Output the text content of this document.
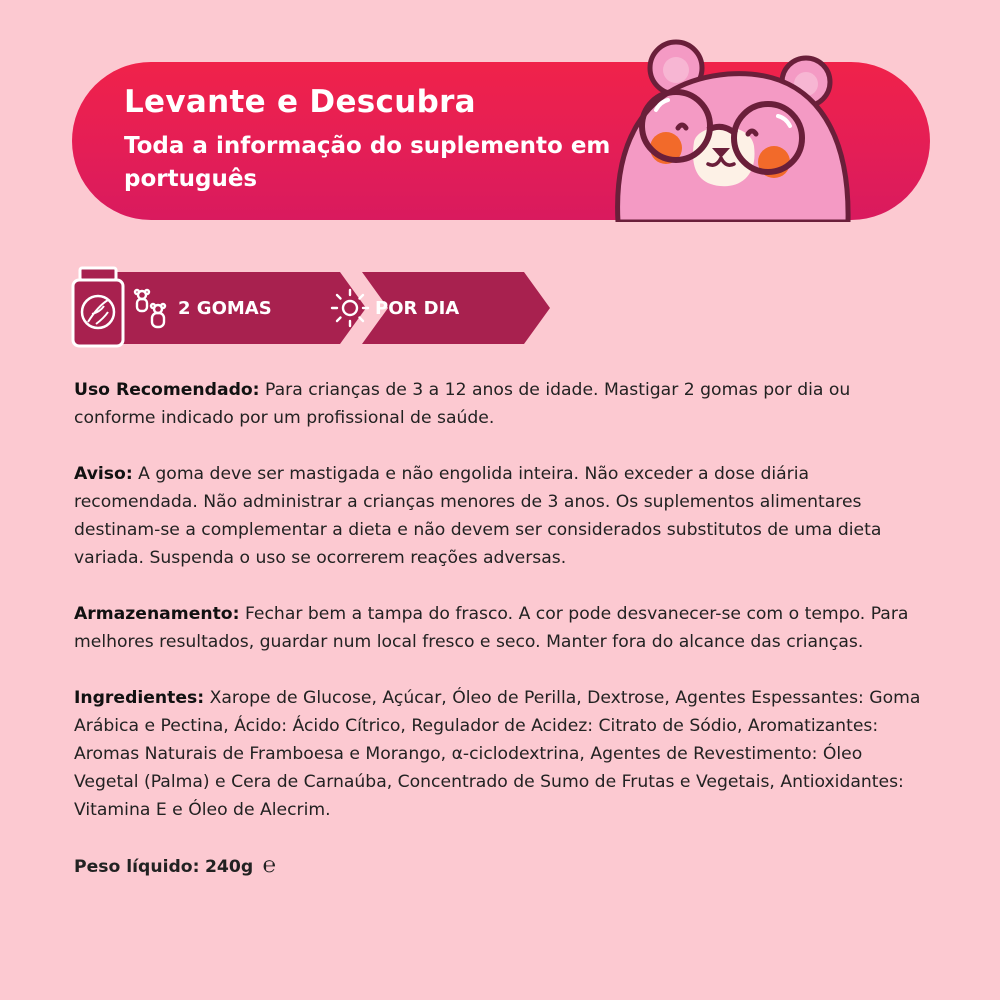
Levante e Descubra
Toda a informação do suplemento em português
2 GOMAS	POR DIA

Uso Recomendado: Para crianças de 3 a 12 anos de idade. Mastigar 2 gomas por dia ou conforme indicado por um profissional de saúde.

Aviso: A goma deve ser mastigada e não engolida inteira. Não exceder a dose diária recomendada. Não administrar a crianças menores de 3 anos. Os suplementos alimentares destinam-se a complementar a dieta e não devem ser considerados substitutos de uma dieta variada. Suspenda o uso se ocorrerem reações adversas.

Armazenamento: Fechar bem a tampa do frasco. A cor pode desvanecer-se com o tempo. Para melhores resultados, guardar num local fresco e seco. Manter fora do alcance das crianças.

Ingredientes: Xarope de Glucose, Açúcar, Óleo de Perilla, Dextrose, Agentes Espessantes: Goma Arábica e Pectina, Ácido: Ácido Cítrico, Regulador de Acidez: Citrato de Sódio, Aromatizantes: Aromas Naturais de Framboesa e Morango, α-ciclodextrina, Agentes de Revestimento: Óleo Vegetal (Palma) e Cera de Carnaúba, Concentrado de Sumo de Frutas e Vegetais, Antioxidantes: Vitamina E e Óleo de Alecrim.

Peso líquido: 240g ℮
